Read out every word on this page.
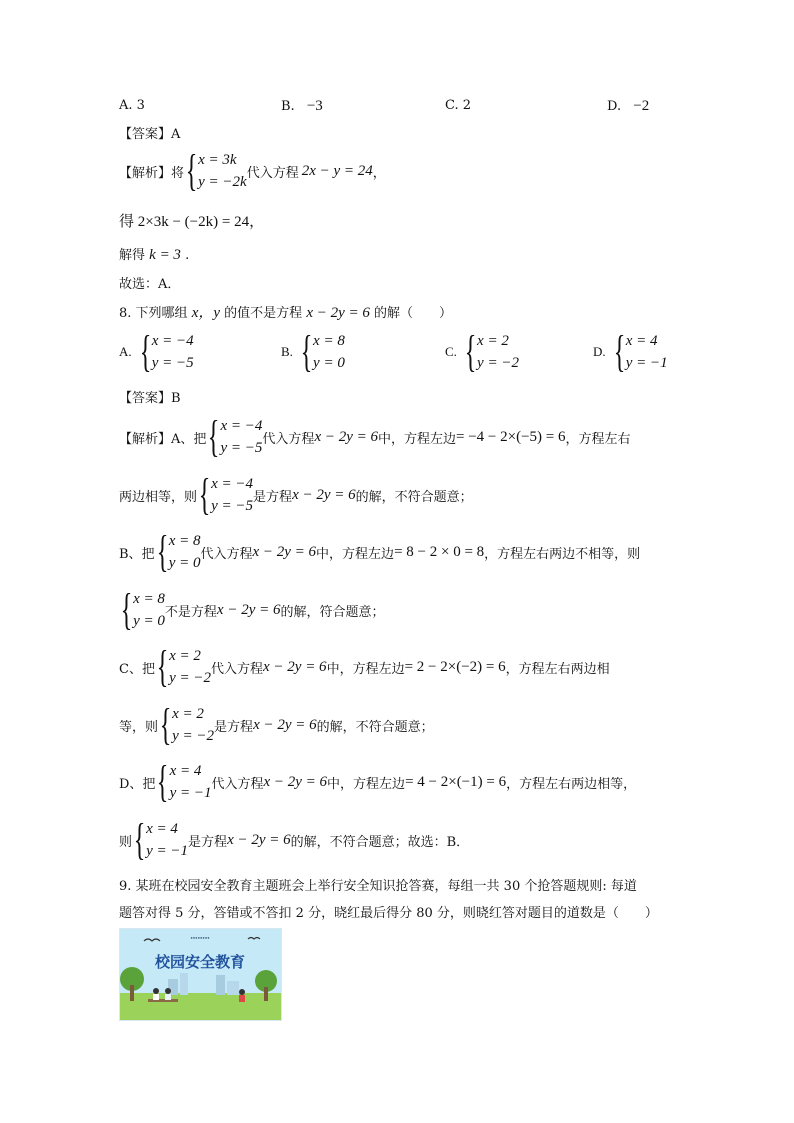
A. 3	B. −3	C. 2	D. −2
【答案】A
【解析】将 { x = 3k
y = −2k
代入方程 2x − y = 24 ，
得 2×3k − (−2k) = 24，
解得 k = 3 .
故选：A．
8. 下列哪组 x，y 的值不是方程 x − 2y = 6 的解（　　）
A. { x = −4
y = −5
B. { x = 8
y = 0
C. { x = 2
y = −2
D. { x = 4
y = −1
【答案】B
【解析】A、把 { x = −4
y = −5
代入方程 x − 2y = 6 中，方程左边 = −4 − 2×(−5) = 6 ，方程左右
两边相等，则 { x = −4
y = −5
是方程 x − 2y = 6 的解，不符合题意；
B、把 { x = 8
y = 0
代入方程 x − 2y = 6 中，方程左边 = 8 − 2 × 0 = 8 ，方程左右两边不相等，则
{ x = 8
y = 0
不是方程 x − 2y = 6 的解，符合题意；
C、把 { x = 2
y = −2
代入方程 x − 2y = 6 中，方程左边 = 2 − 2×(−2) = 6 ，方程左右两边相
等，则 { x = 2
y = −2
是方程 x − 2y = 6 的解，不符合题意；
D、把 { x = 4
y = −1
代入方程 x − 2y = 6 中，方程左边 = 4 − 2×(−1) = 6 ，方程左右两边相等，
则 { x = 4
y = −1
是方程 x − 2y = 6 的解，不符合题意；故选：B．
9. 某班在校园安全教育主题班会上举行安全知识抢答赛，每组一共 30 个抢答题规则: 每道
题答对得 5 分，答错或不答扣 2 分，晓红最后得分 80 分，则晓红答对题目的道数是（　　）
●●●●●●●●
校园安全教育
